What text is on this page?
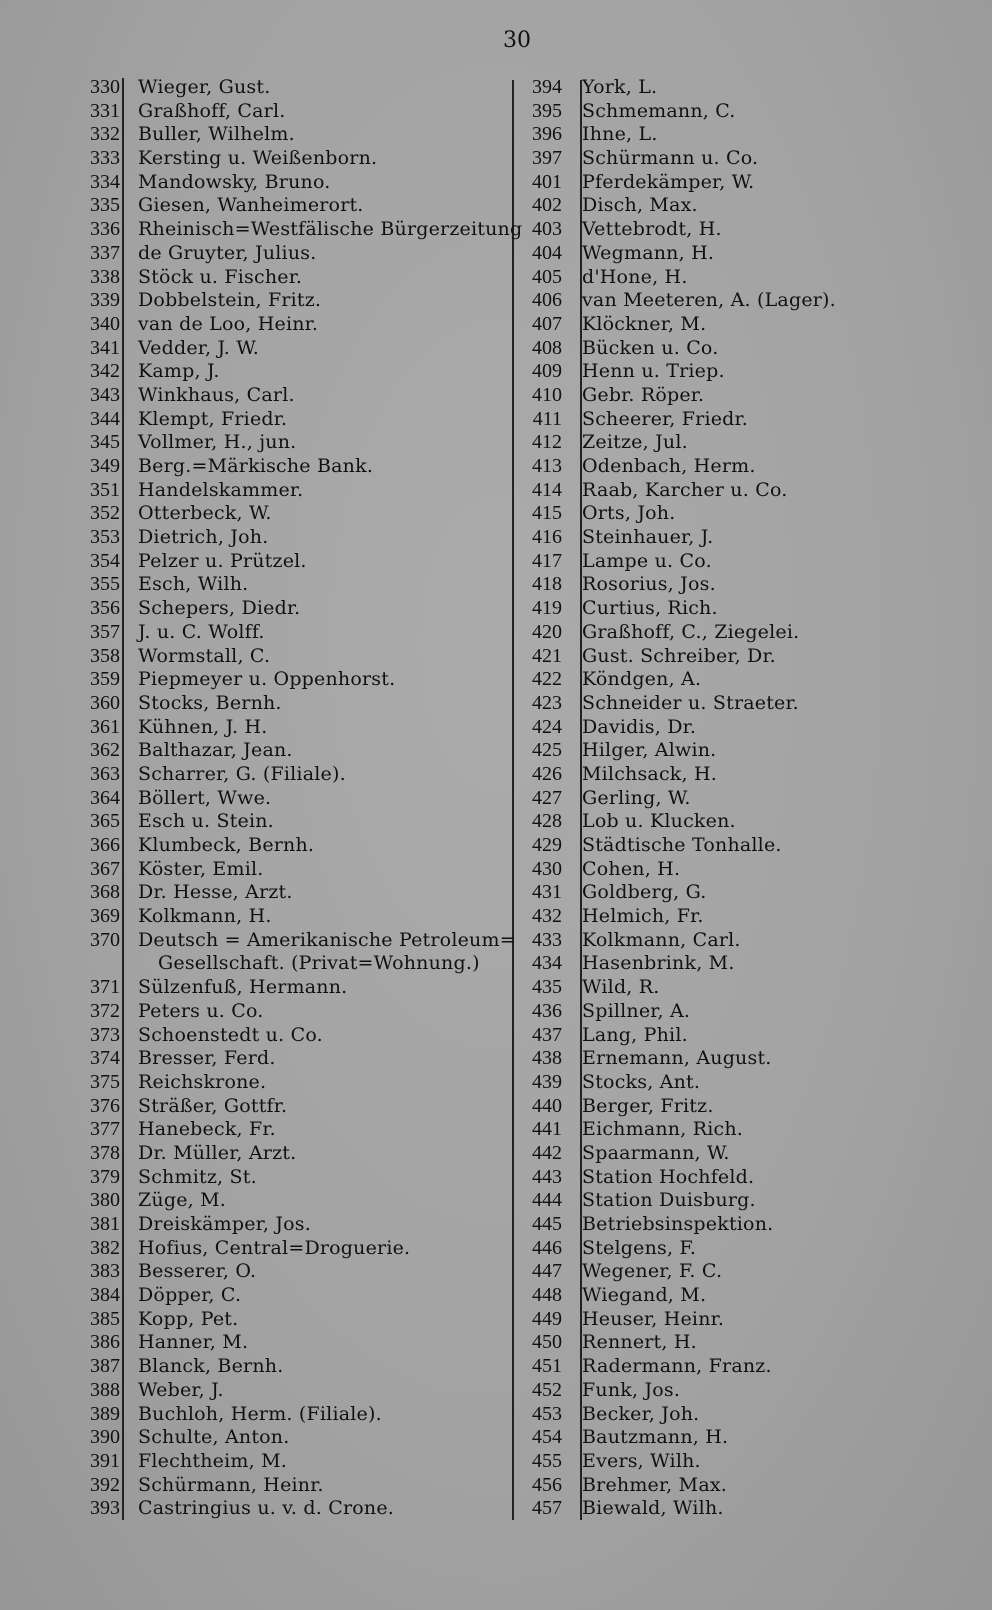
30
330 Wieger, Gust.
331 Graßhoff, Carl.
332 Buller, Wilhelm.
333 Kersting u. Weißenborn.
334 Mandowsky, Bruno.
335 Giesen, Wanheimerort.
336 Rheinisch=Westfälische Bürgerzeitung
337 de Gruyter, Julius.
338 Stöck u. Fischer.
339 Dobbelstein, Fritz.
340 van de Loo, Heinr.
341 Vedder, J. W.
342 Kamp, J.
343 Winkhaus, Carl.
344 Klempt, Friedr.
345 Vollmer, H., jun.
349 Berg.=Märkische Bank.
351 Handelskammer.
352 Otterbeck, W.
353 Dietrich, Joh.
354 Pelzer u. Prützel.
355 Esch, Wilh.
356 Schepers, Diedr.
357 J. u. C. Wolff.
358 Wormstall, C.
359 Piepmeyer u. Oppenhorst.
360 Stocks, Bernh.
361 Kühnen, J. H.
362 Balthazar, Jean.
363 Scharrer, G. (Filiale).
364 Böllert, Wwe.
365 Esch u. Stein.
366 Klumbeck, Bernh.
367 Köster, Emil.
368 Dr. Hesse, Arzt.
369 Kolkmann, H.
370 Deutsch = Amerikanische Petroleum=
Gesellschaft. (Privat=Wohnung.)
371 Sülzenfuß, Hermann.
372 Peters u. Co.
373 Schoenstedt u. Co.
374 Bresser, Ferd.
375 Reichskrone.
376 Sträßer, Gottfr.
377 Hanebeck, Fr.
378 Dr. Müller, Arzt.
379 Schmitz, St.
380 Züge, M.
381 Dreiskämper, Jos.
382 Hofius, Central=Droguerie.
383 Besserer, O.
384 Döpper, C.
385 Kopp, Pet.
386 Hanner, M.
387 Blanck, Bernh.
388 Weber, J.
389 Buchloh, Herm. (Filiale).
390 Schulte, Anton.
391 Flechtheim, M.
392 Schürmann, Heinr.
393 Castringius u. v. d. Crone.
394	York, L.
395	Schmemann, C.
396	Ihne, L.
397	Schürmann u. Co.
401	Pferdekämper, W.
402	Disch, Max.
403	Vettebrodt, H.
404	Wegmann, H.
405	d'Hone, H.
406	van Meeteren, A. (Lager).
407	Klöckner, M.
408	Bücken u. Co.
409	Henn u. Triep.
410	Gebr. Röper.
411	Scheerer, Friedr.
412	Zeitze, Jul.
413	Odenbach, Herm.
414	Raab, Karcher u. Co.
415	Orts, Joh.
416	Steinhauer, J.
417	Lampe u. Co.
418	Rosorius, Jos.
419	Curtius, Rich.
420	Graßhoff, C., Ziegelei.
421	Gust. Schreiber, Dr.
422	Köndgen, A.
423	Schneider u. Straeter.
424	Davidis, Dr.
425	Hilger, Alwin.
426	Milchsack, H.
427	Gerling, W.
428	Lob u. Klucken.
429	Städtische Tonhalle.
430	Cohen, H.
431	Goldberg, G.
432	Helmich, Fr.
433	Kolkmann, Carl.
434	Hasenbrink, M.
435	Wild, R.
436	Spillner, A.
437	Lang, Phil.
438	Ernemann, August.
439	Stocks, Ant.
440	Berger, Fritz.
441	Eichmann, Rich.
442	Spaarmann, W.
443	Station Hochfeld.
444	Station Duisburg.
445	Betriebsinspektion.
446	Stelgens, F.
447	Wegener, F. C.
448	Wiegand, M.
449	Heuser, Heinr.
450	Rennert, H.
451	Radermann, Franz.
452	Funk, Jos.
453	Becker, Joh.
454	Bautzmann, H.
455	Evers, Wilh.
456	Brehmer, Max.
457	Biewald, Wilh.
